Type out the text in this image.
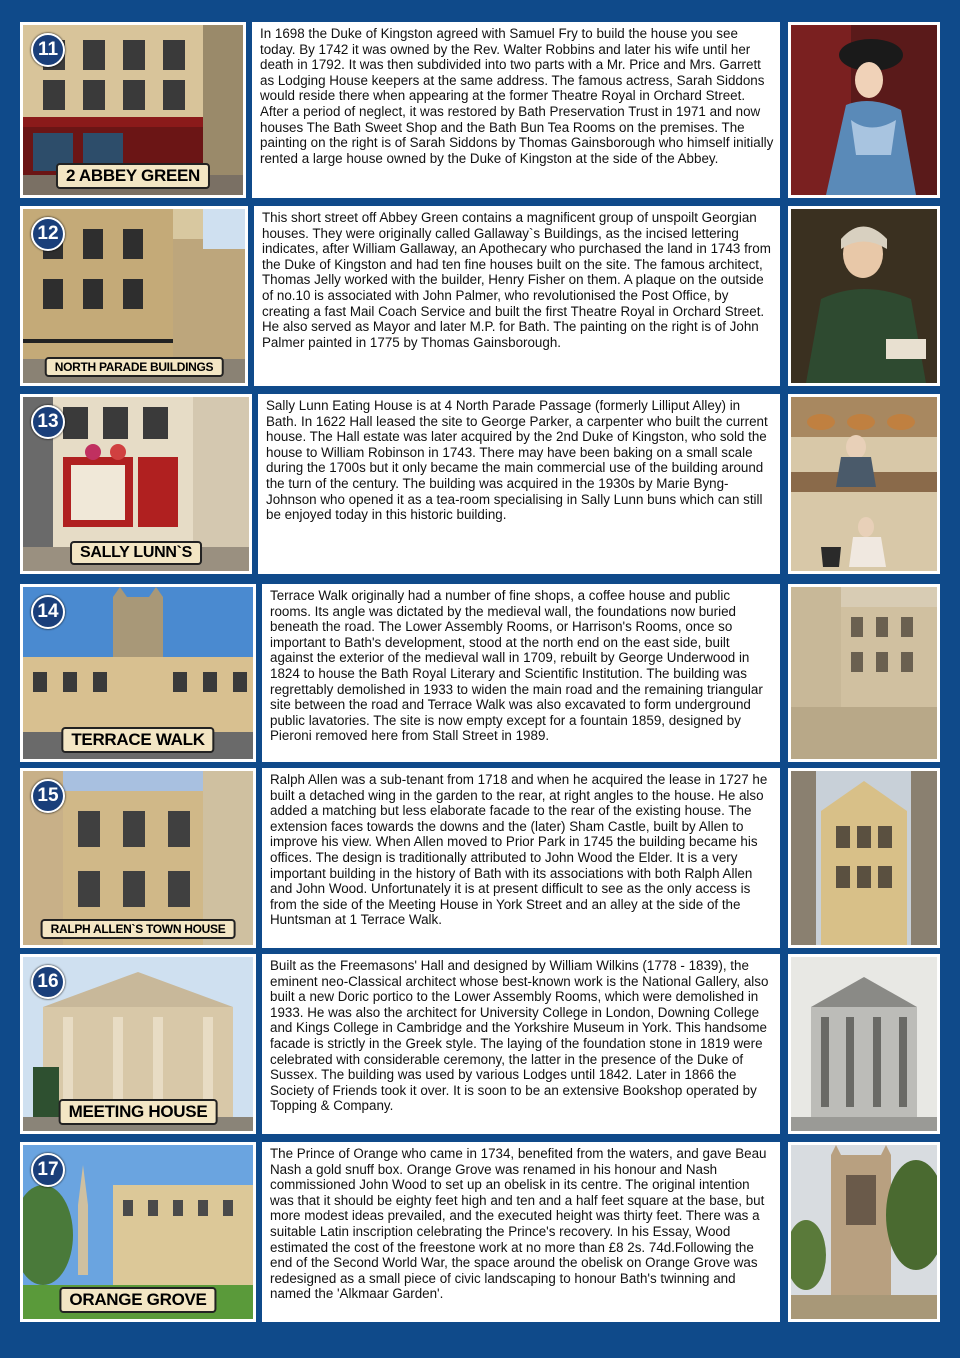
11
2 ABBEY GREEN
In 1698 the Duke of Kingston agreed with Samuel Fry to build the house you see today. By 1742 it was owned by the Rev. Walter Robbins and later his wife until her death in 1792. It was then subdivided into two parts with a Mr. Price and Mrs. Garrett as Lodging House keepers at the same address. The famous actress, Sarah Siddons would reside there when appearing at the former Theatre Royal in Orchard Street. After a period of neglect, it was restored by Bath Preservation Trust in 1971 and now houses The Bath Sweet Shop and the Bath Bun Tea Rooms on the premises. The painting on the right is of Sarah Siddons by Thomas Gainsborough who himself initially rented a large house owned by the Duke of Kingston at the side of the Abbey.
12
NORTH PARADE BUILDINGS
This short street off Abbey Green contains a magnificent group of unspoilt Georgian houses. They were originally called Gallaway`s Buildings, as the incised lettering indicates, after William Gallaway, an Apothecary who purchased the land in 1743 from the Duke of Kingston and had ten fine houses built on the site. The famous architect, Thomas Jelly worked with the builder, Henry Fisher on them. A plaque on the outside of no.10 is associated with John Palmer, who revolutionised the Post Office, by creating a fast Mail Coach Service and built the first Theatre Royal in Orchard Street. He also served as Mayor and later M.P. for Bath. The painting on the right is of John Palmer painted in 1775 by Thomas Gainsborough.
13
SALLY LUNN`S
Sally Lunn Eating House is at 4 North Parade Passage (formerly Lilliput Alley) in Bath. In 1622 Hall leased the site to George Parker, a carpenter who built the current house. The Hall estate was later acquired by the 2nd Duke of Kingston, who sold the house to William Robinson in 1743. There may have been baking on a small scale during the 1700s but it only became the main commercial use of the building around the turn of the century. The building was acquired in the 1930s by Marie Byng-Johnson who opened it as a tea-room specialising in Sally Lunn buns which can still be enjoyed today in this historic building.
14
TERRACE WALK
Terrace Walk originally had a number of fine shops, a coffee house and public rooms. Its angle was dictated by the medieval wall, the foundations now buried beneath the road. The Lower Assembly Rooms, or Harrison's Rooms, once so important to Bath's development, stood at the north end on the east side, built against the exterior of the medieval wall in 1709, rebuilt by George Underwood in 1824 to house the Bath Royal Literary and Scientific Institution. The building was regrettably demolished in 1933 to widen the main road and the remaining triangular site between the road and Terrace Walk was also excavated to form underground public lavatories. The site is now empty except for a fountain 1859, designed by Pieroni removed here from Stall Street in 1989.
15
RALPH ALLEN`S TOWN HOUSE
Ralph Allen was a sub-tenant from 1718 and when he acquired the lease in 1727 he built a detached wing in the garden to the rear, at right angles to the house. He also added a matching but less elaborate facade to the rear of the existing house. The extension faces towards the downs and the (later) Sham Castle, built by Allen to improve his view. When Allen moved to Prior Park in 1745 the building became his offices. The design is traditionally attributed to John Wood the Elder. It is a very important building in the history of Bath with its associations with both Ralph Allen and John Wood. Unfortunately it is at present difficult to see as the only access is from the side of the Meeting House in York Street and an alley at the side of the Huntsman at 1 Terrace Walk.
16
MEETING HOUSE
Built as the Freemasons' Hall and designed by William Wilkins (1778 - 1839), the eminent neo-Classical architect whose best-known work is the National Gallery, also built a new Doric portico to the Lower Assembly Rooms, which were demolished in 1933. He was also the architect for University College in London, Downing College and Kings College in Cambridge and the Yorkshire Museum in York. This handsome facade is strictly in the Greek style. The laying of the foundation stone in 1819 were celebrated with considerable ceremony, the latter in the presence of the Duke of Sussex. The building was used by various Lodges until 1842. Later in 1866 the Society of Friends took it over. It is soon to be an extensive Bookshop operated by Topping & Company.
17
ORANGE GROVE
The Prince of Orange who came in 1734, benefited from the waters, and gave Beau Nash a gold snuff box. Orange Grove was renamed in his honour and Nash commissioned John Wood to set up an obelisk in its centre. The original intention was that it should be eighty feet high and ten and a half feet square at the base, but more modest ideas prevailed, and the executed height was thirty feet. There was a suitable Latin inscription celebrating the Prince's recovery. In his Essay, Wood estimated the cost of the freestone work at no more than £8 2s. 74d.Following the end of the Second World War, the space around the obelisk on Orange Grove was redesigned as a small piece of civic landscaping to honour Bath's twinning and named the 'Alkmaar Garden'.
